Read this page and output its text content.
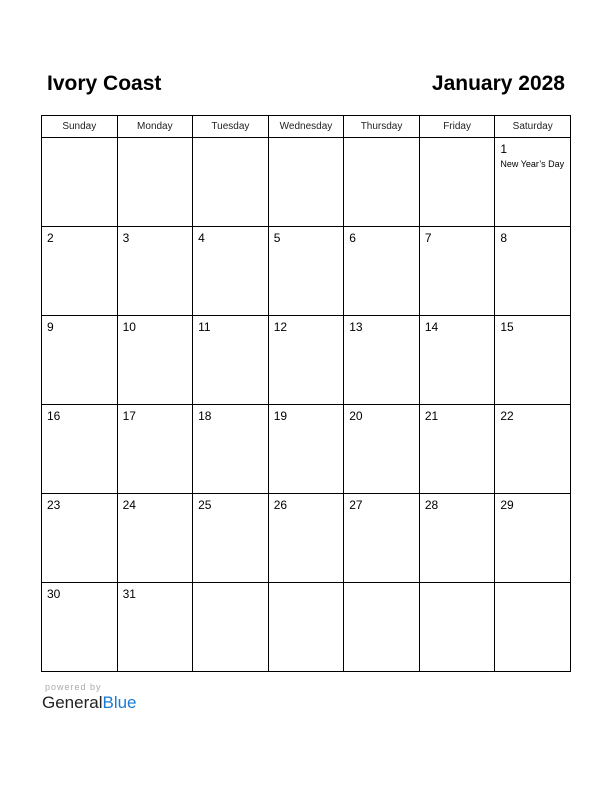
Ivory Coast	January 2028
Sunday	Monday	Tuesday	Wednesday	Thursday	Friday	Saturday

						1
New Year’s Day

2	3	4	5	6	7	8

9	10	11	12	13	14	15

16	17	18	19	20	21	22

23	24	25	26	27	28	29

30	31					

powered by
GeneralBlue
